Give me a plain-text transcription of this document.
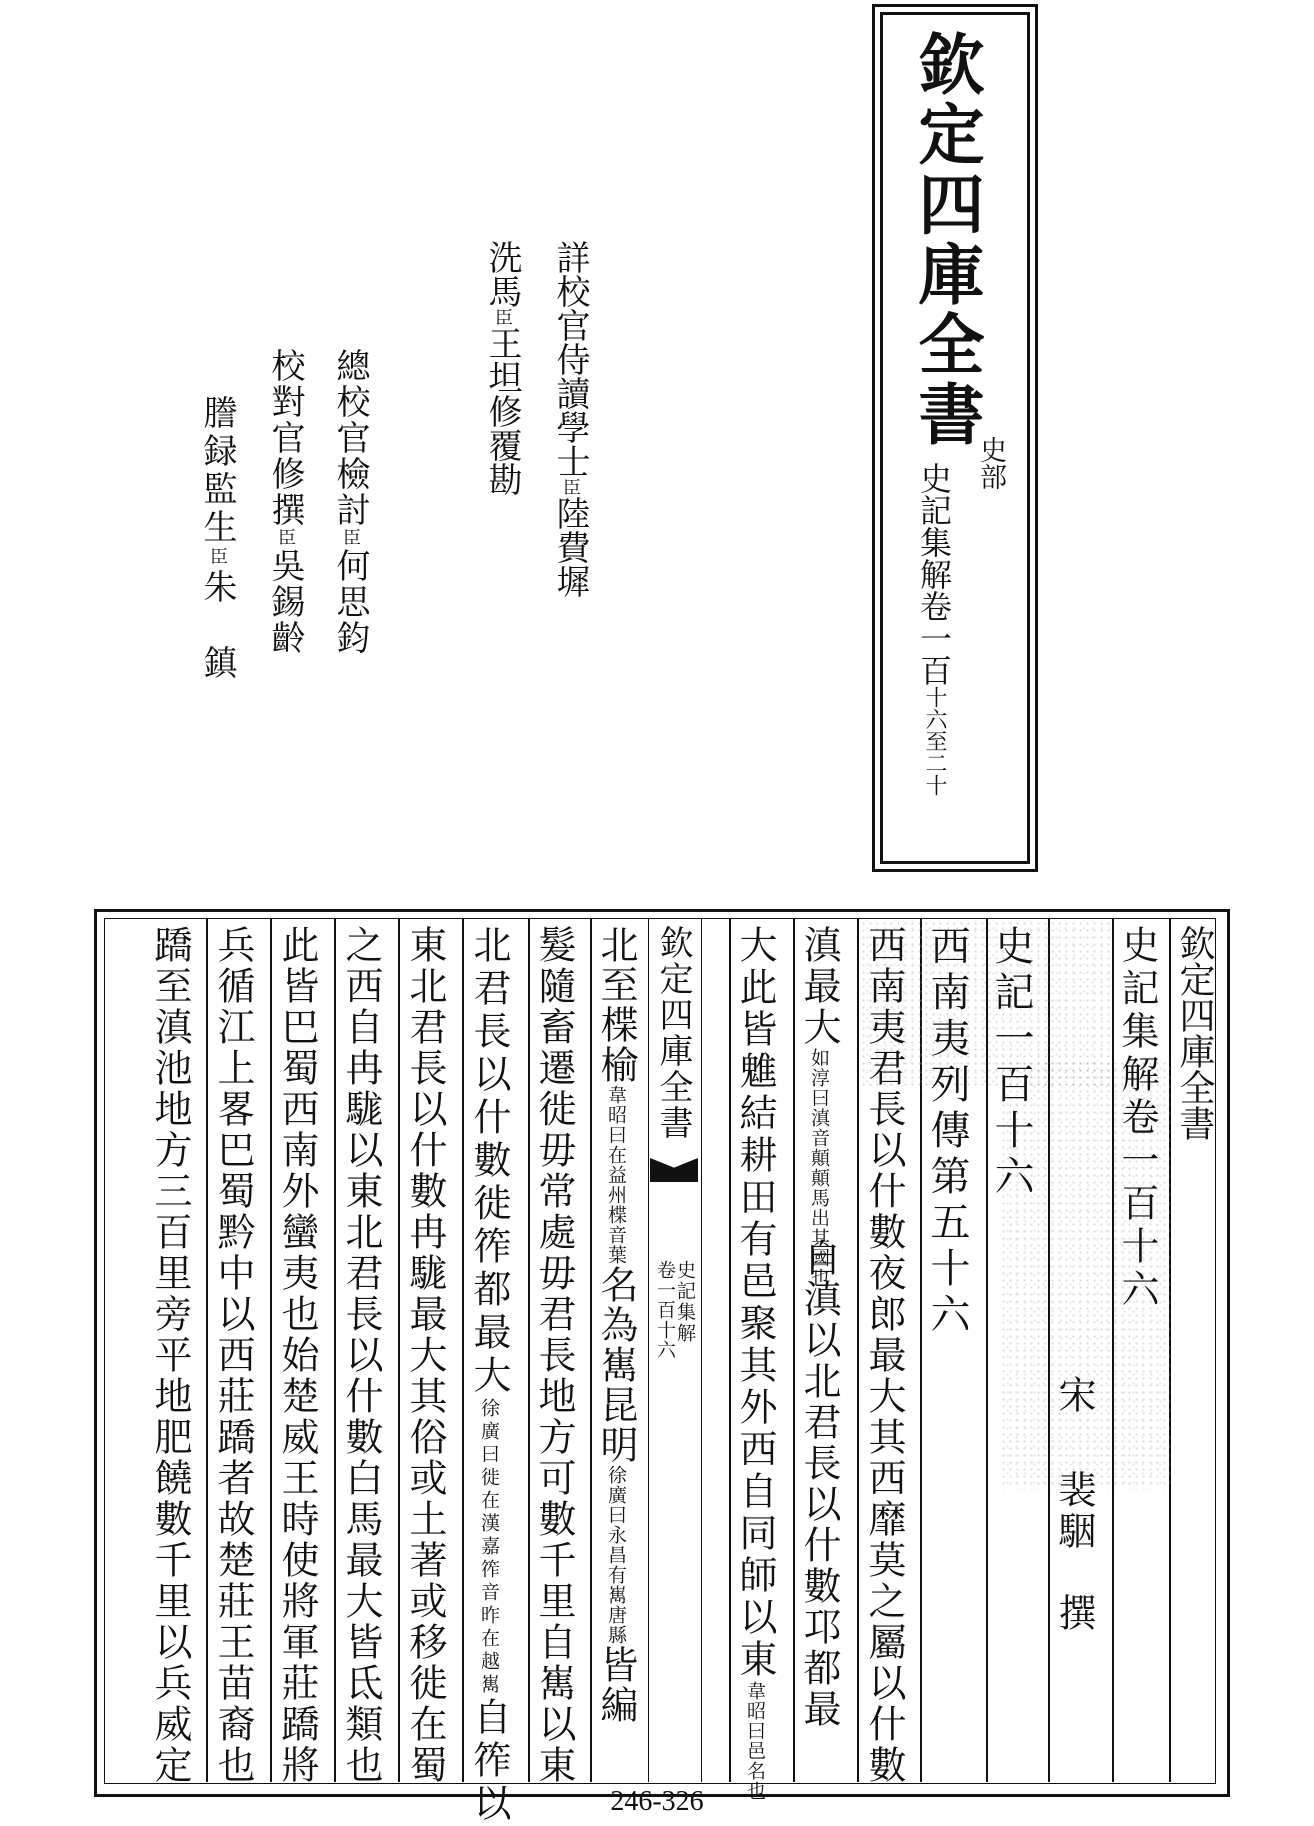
欽定四庫全書
史部
史記集解卷一百十六至二十
詳校官侍讀學士臣陸費墀
洗馬臣王坦修覆勘
總校官檢討臣何思鈞
校對官修撰臣吳錫齡
謄録監生臣朱　鎮
欽定四庫全書
史記集解
卷一百十六
欽定四庫全書
史記集解卷一百十六
宋
裴駰　撰
史記一百十六
西南夷列傳第五十六
西南夷君長以什數夜郎最大其西靡莫之屬以什數
滇最大如淳曰滇音顛顛馬出其國也自滇以北君長以什數邛都最
大此皆魋結耕田有邑聚其外西自同師以東韋昭曰邑名也
北至楪榆韋昭曰在益州楪音葉名為嶲昆明徐廣曰永昌有嶲唐縣皆編
髮隨畜遷徙毋常處毋君長地方可數千里自嶲以東
北君長以什數徙筰都最大徐廣曰徙在漢嘉筰音昨在越嶲自筰以
東北君長以什數冉駹最大其俗或土著或移徙在蜀
之西自冉駹以東北君長以什數白馬最大皆氐類也
此皆巴蜀西南外蠻夷也始楚威王時使將軍莊蹻將
兵循江上畧巴蜀黔中以西莊蹻者故楚莊王苗裔也
蹻至滇池地方三百里旁平地肥饒數千里以兵威定
246-326
